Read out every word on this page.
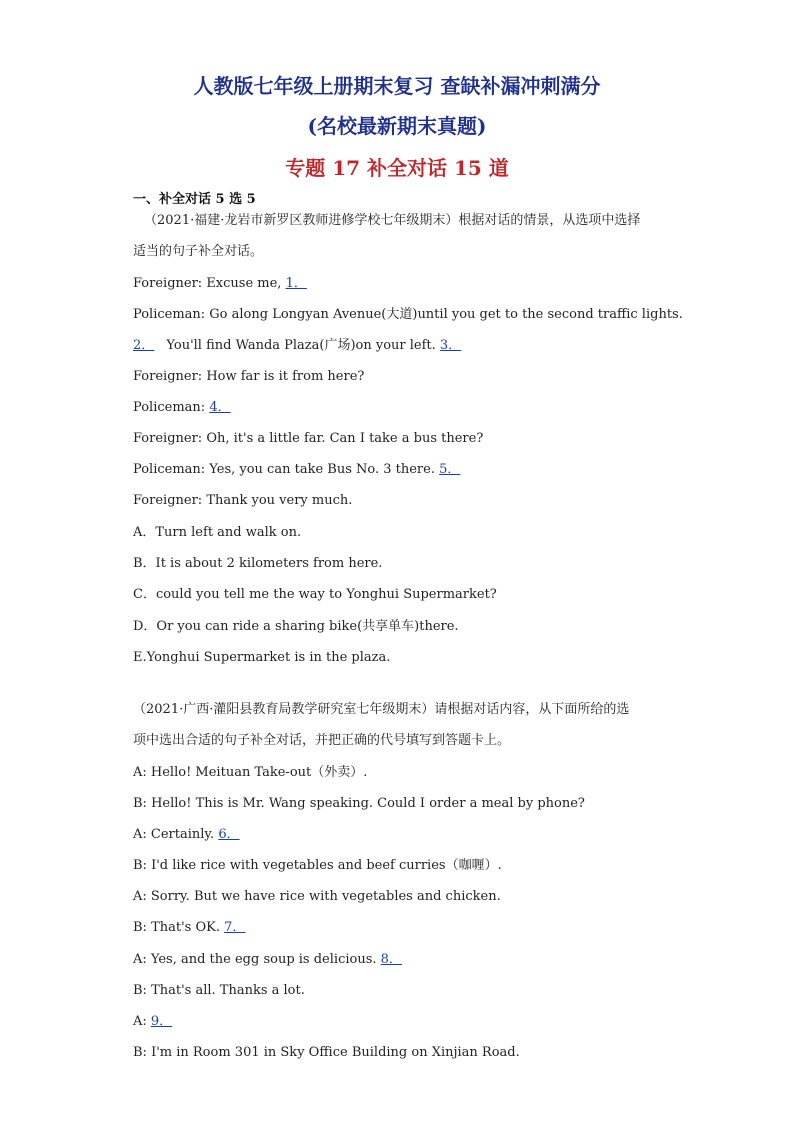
人教版七年级上册期末复习 查缺补漏冲刺满分
(名校最新期末真题)
专题 17 补全对话 15 道
一、补全对话 5 选 5
（2021·福建·龙岩市新罗区教师进修学校七年级期末）根据对话的情景，从选项中选择
适当的句子补全对话。
Foreigner: Excuse me, 1．
Policeman: Go along Longyan Avenue(大道)until you get to the second traffic lights.
2． You'll find Wanda Plaza(广场)on your left. 3．
Foreigner: How far is it from here?
Policeman: 4．
Foreigner: Oh, it's a little far. Can I take a bus there?
Policeman: Yes, you can take Bus No. 3 there. 5．
Foreigner: Thank you very much.
A．Turn left and walk on.
B．It is about 2 kilometers from here.
C．could you tell me the way to Yonghui Supermarket?
D．Or you can ride a sharing bike(共享单车)there.
E.Yonghui Supermarket is in the plaza.
（2021·广西·灌阳县教育局教学研究室七年级期末）请根据对话内容，从下面所给的选
项中选出合适的句子补全对话，并把正确的代号填写到答题卡上。
A: Hello! Meituan Take-out（外卖）.
B: Hello! This is Mr. Wang speaking. Could I order a meal by phone?
A: Certainly. 6．
B: I'd like rice with vegetables and beef curries（咖喱）.
A: Sorry. But we have rice with vegetables and chicken.
B: That's OK. 7．
A: Yes, and the egg soup is delicious. 8．
B: That's all. Thanks a lot.
A: 9．
B: I'm in Room 301 in Sky Office Building on Xinjian Road.
